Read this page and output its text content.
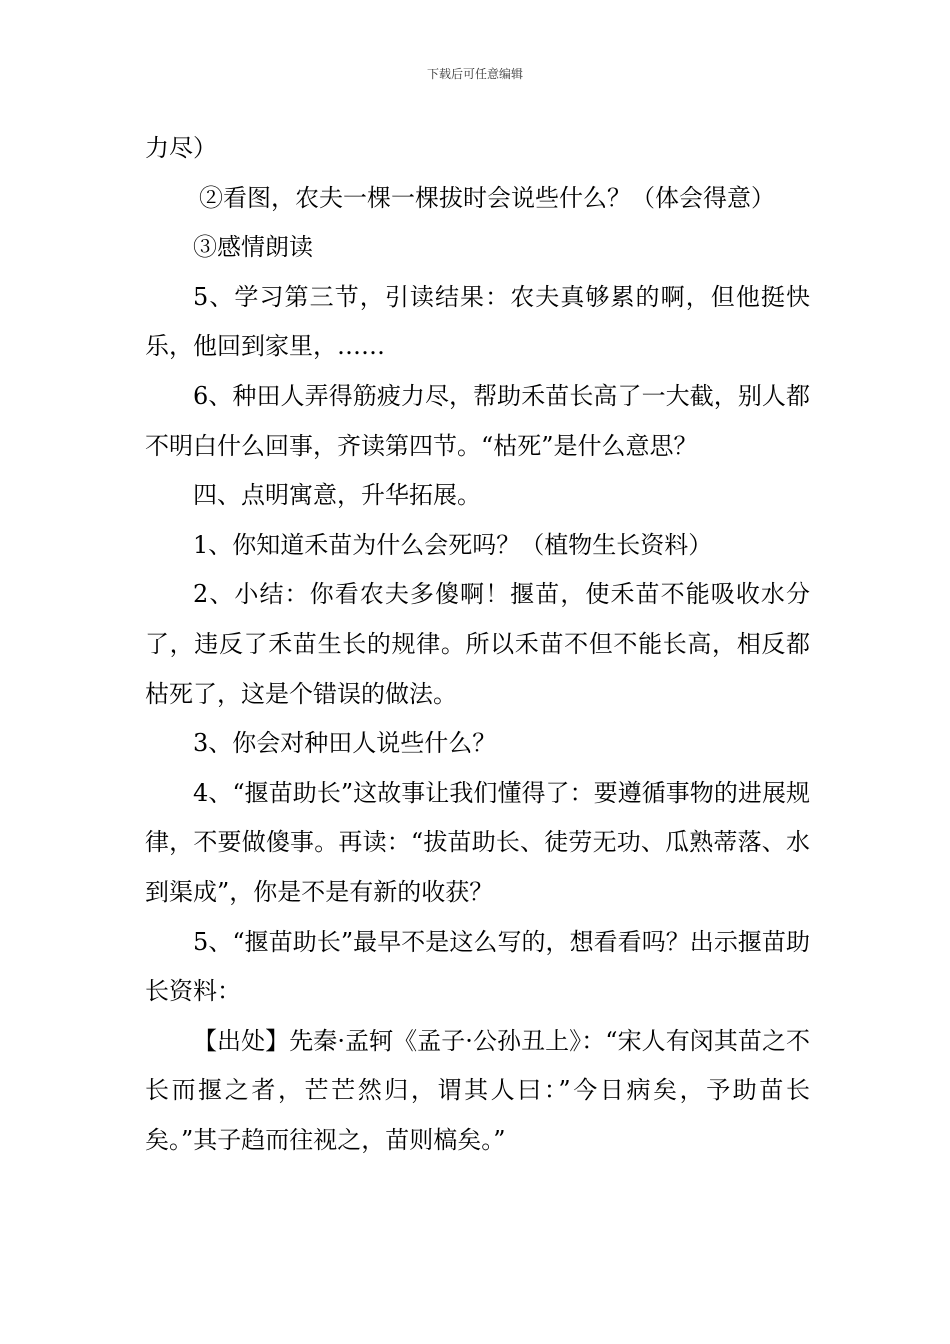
下载后可任意编辑

力尽）

②看图，农夫一棵一棵拔时会说些什么？（体会得意）

③感情朗读

5、学习第三节，引读结果：农夫真够累的啊，但他挺快乐，他回到家里，……

6、种田人弄得筋疲力尽，帮助禾苗长高了一大截，别人都不明白什么回事，齐读第四节。“枯死”是什么意思？

四、点明寓意，升华拓展。

1、你知道禾苗为什么会死吗？（植物生长资料）

2、小结：你看农夫多傻啊！揠苗，使禾苗不能吸收水分了，违反了禾苗生长的规律。所以禾苗不但不能长高，相反都枯死了，这是个错误的做法。

3、你会对种田人说些什么？

4、“揠苗助长”这故事让我们懂得了：要遵循事物的进展规律，不要做傻事。再读：“拔苗助长、徒劳无功、瓜熟蒂落、水到渠成”，你是不是有新的收获？

5、“揠苗助长”最早不是这么写的，想看看吗？出示揠苗助长资料：

【出处】先秦·孟轲《孟子·公孙丑上》：“宋人有闵其苗之不长而揠之者，芒芒然归，谓其人曰：”今日病矣，予助苗长矣。”其子趋而往视之，苗则槁矣。”
